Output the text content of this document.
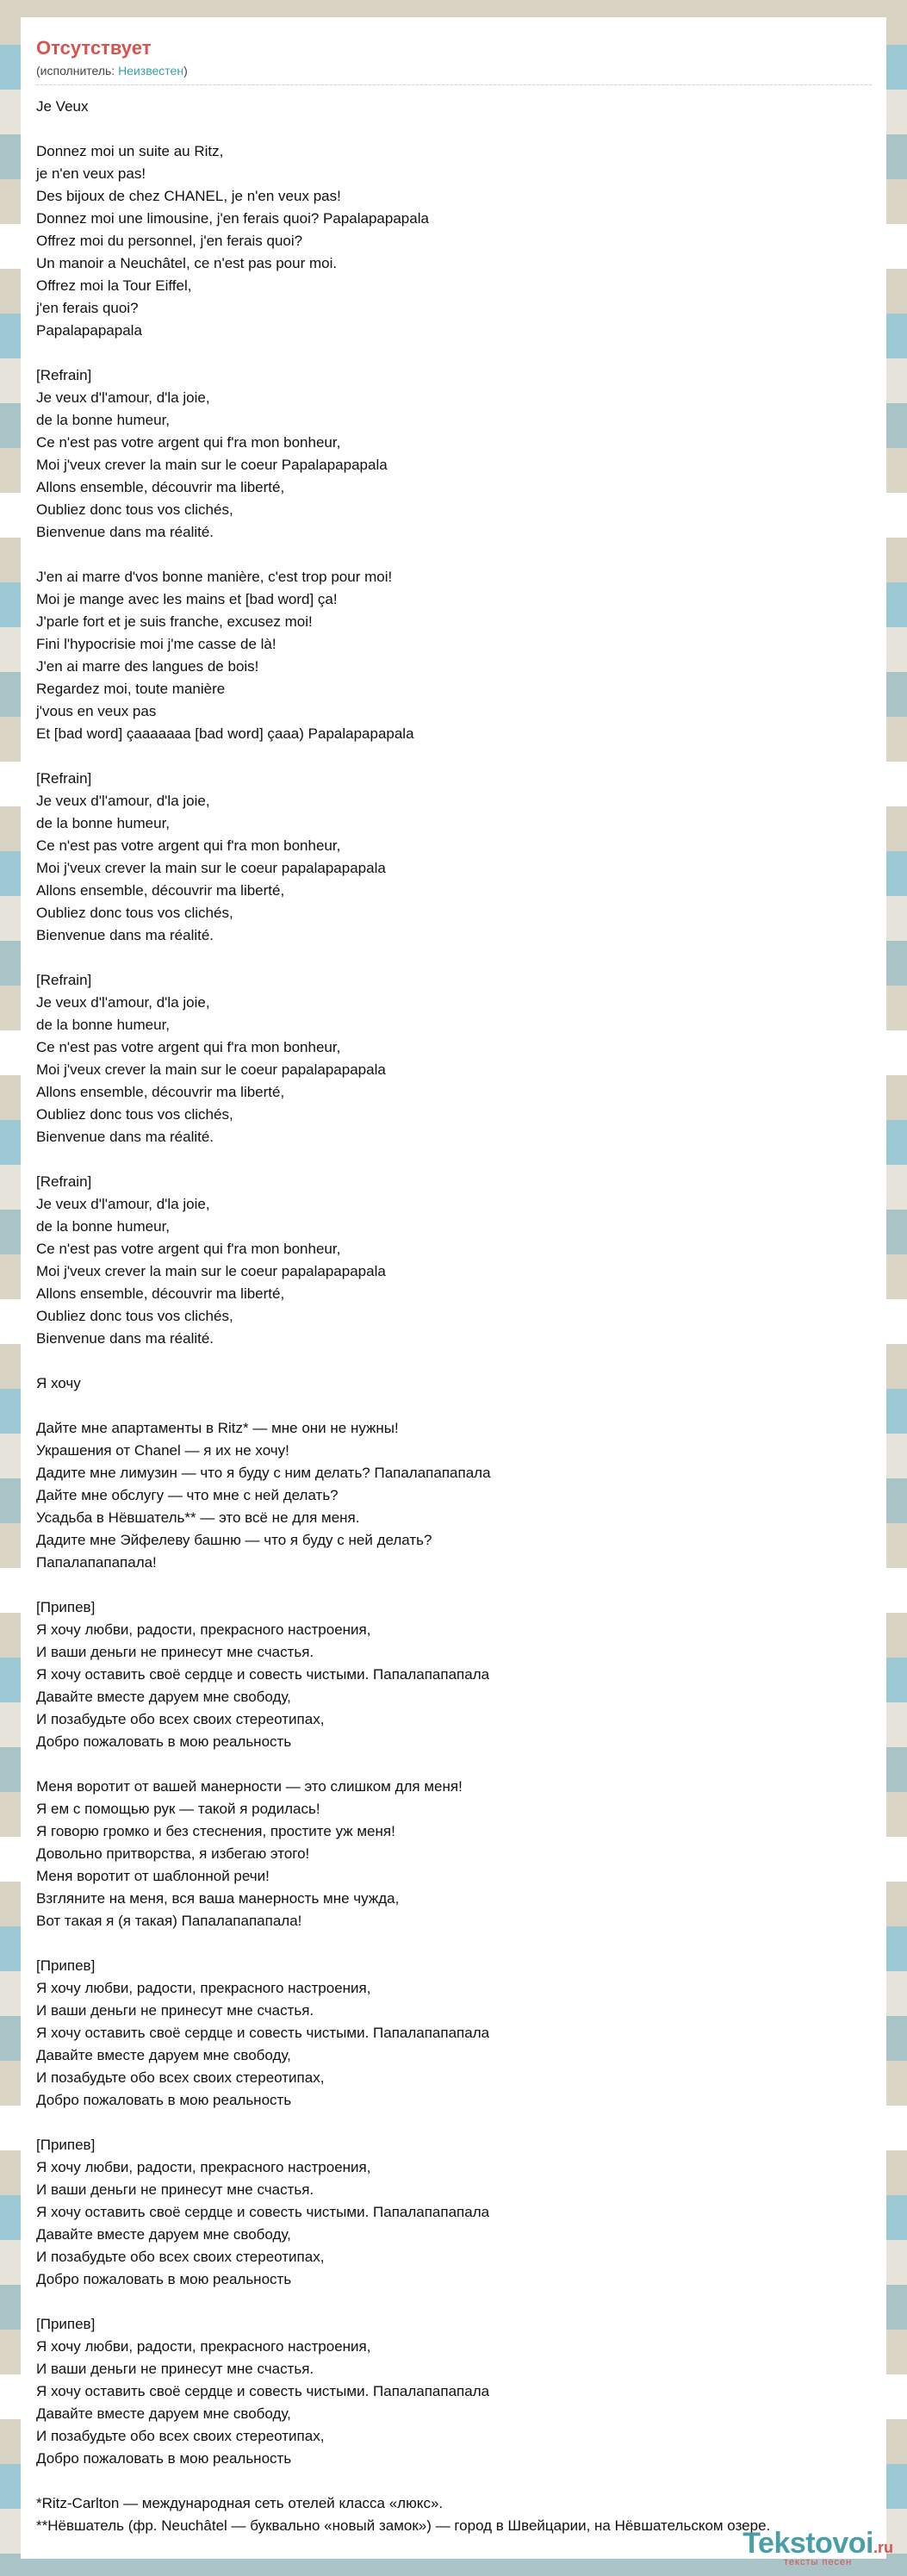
Отсутствует
(исполнитель: Неизвестен)
Je Veux

Donnez moi un suite au Ritz,
je n'en veux pas!
Des bijoux de chez CHANEL, je n'en veux pas!
Donnez moi une limousine, j'en ferais quoi? Papalapapapala
Offrez moi du personnel, j'en ferais quoi?
Un manoir a Neuchâtel, ce n'est pas pour moi.
Offrez moi la Tour Eiffel,
j'en ferais quoi?
Papalapapapala

[Refrain]
Je veux d'l'amour, d'la joie,
de la bonne humeur,
Ce n'est pas votre argent qui f'ra mon bonheur,
Moi j'veux crever la main sur le coeur Papalapapapala
Allons ensemble, découvrir ma liberté,
Oubliez donc tous vos clichés,
Bienvenue dans ma réalité.

J'en ai marre d'vos bonne manière, c'est trop pour moi!
Moi je mange avec les mains et [bad word] ça!
J'parle fort et je suis franche, excusez moi!
Fini l'hypocrisie moi j'me casse de là!
J'en ai marre des langues de bois!
Regardez moi, toute manière
j'vous en veux pas
Et [bad word] çaaaaaaa [bad word] çaaa) Papalapapapala

[Refrain]
Je veux d'l'amour, d'la joie,
de la bonne humeur,
Ce n'est pas votre argent qui f'ra mon bonheur,
Moi j'veux crever la main sur le coeur papalapapapala
Allons ensemble, découvrir ma liberté,
Oubliez donc tous vos clichés,
Bienvenue dans ma réalité.

[Refrain]
Je veux d'l'amour, d'la joie,
de la bonne humeur,
Ce n'est pas votre argent qui f'ra mon bonheur,
Moi j'veux crever la main sur le coeur papalapapapala
Allons ensemble, découvrir ma liberté,
Oubliez donc tous vos clichés,
Bienvenue dans ma réalité.

[Refrain]
Je veux d'l'amour, d'la joie,
de la bonne humeur,
Ce n'est pas votre argent qui f'ra mon bonheur,
Moi j'veux crever la main sur le coeur papalapapapala
Allons ensemble, découvrir ma liberté,
Oubliez donc tous vos clichés,
Bienvenue dans ma réalité.

Я хочу

Дайте мне апартаменты в Ritz* — мне они не нужны!
Украшения от Chanel — я их не хочу!
Дадите мне лимузин — что я буду с ним делать? Папалапапапала
Дайте мне обслугу — что мне с ней делать?
Усадьба в Нёвшатель** — это всё не для меня.
Дадите мне Эйфелеву башню — что я буду с ней делать?
Папалапапапала!

[Припев]
Я хочу любви, радости, прекрасного настроения,
И ваши деньги не принесут мне счастья.
Я хочу оставить своё сердце и совесть чистыми. Папалапапапала
Давайте вместе даруем мне свободу,
И позабудьте обо всех своих стереотипах,
Добро пожаловать в мою реальность

Меня воротит от вашей манерности — это слишком для меня!
Я ем с помощью рук — такой я родилась!
Я говорю громко и без стеснения, простите уж меня!
Довольно притворства, я избегаю этого!
Меня воротит от шаблонной речи!
Взгляните на меня, вся ваша манерность мне чужда,
Вот такая я (я такая) Папалапапапала!

[Припев]
Я хочу любви, радости, прекрасного настроения,
И ваши деньги не принесут мне счастья.
Я хочу оставить своё сердце и совесть чистыми. Папалапапапала
Давайте вместе даруем мне свободу,
И позабудьте обо всех своих стереотипах,
Добро пожаловать в мою реальность

[Припев]
Я хочу любви, радости, прекрасного настроения,
И ваши деньги не принесут мне счастья.
Я хочу оставить своё сердце и совесть чистыми. Папалапапапала
Давайте вместе даруем мне свободу,
И позабудьте обо всех своих стереотипах,
Добро пожаловать в мою реальность

[Припев]
Я хочу любви, радости, прекрасного настроения,
И ваши деньги не принесут мне счастья.
Я хочу оставить своё сердце и совесть чистыми. Папалапапапала
Давайте вместе даруем мне свободу,
И позабудьте обо всех своих стереотипах,
Добро пожаловать в мою реальность
*Ritz-Carlton — международная сеть отелей класса «люкс».
**Нёвшатель (фр. Neuchâtel — буквально «новый замок») — город в Швейцарии, на Нёвшательском озере.
Tekstovoi.ru
тексты песен
